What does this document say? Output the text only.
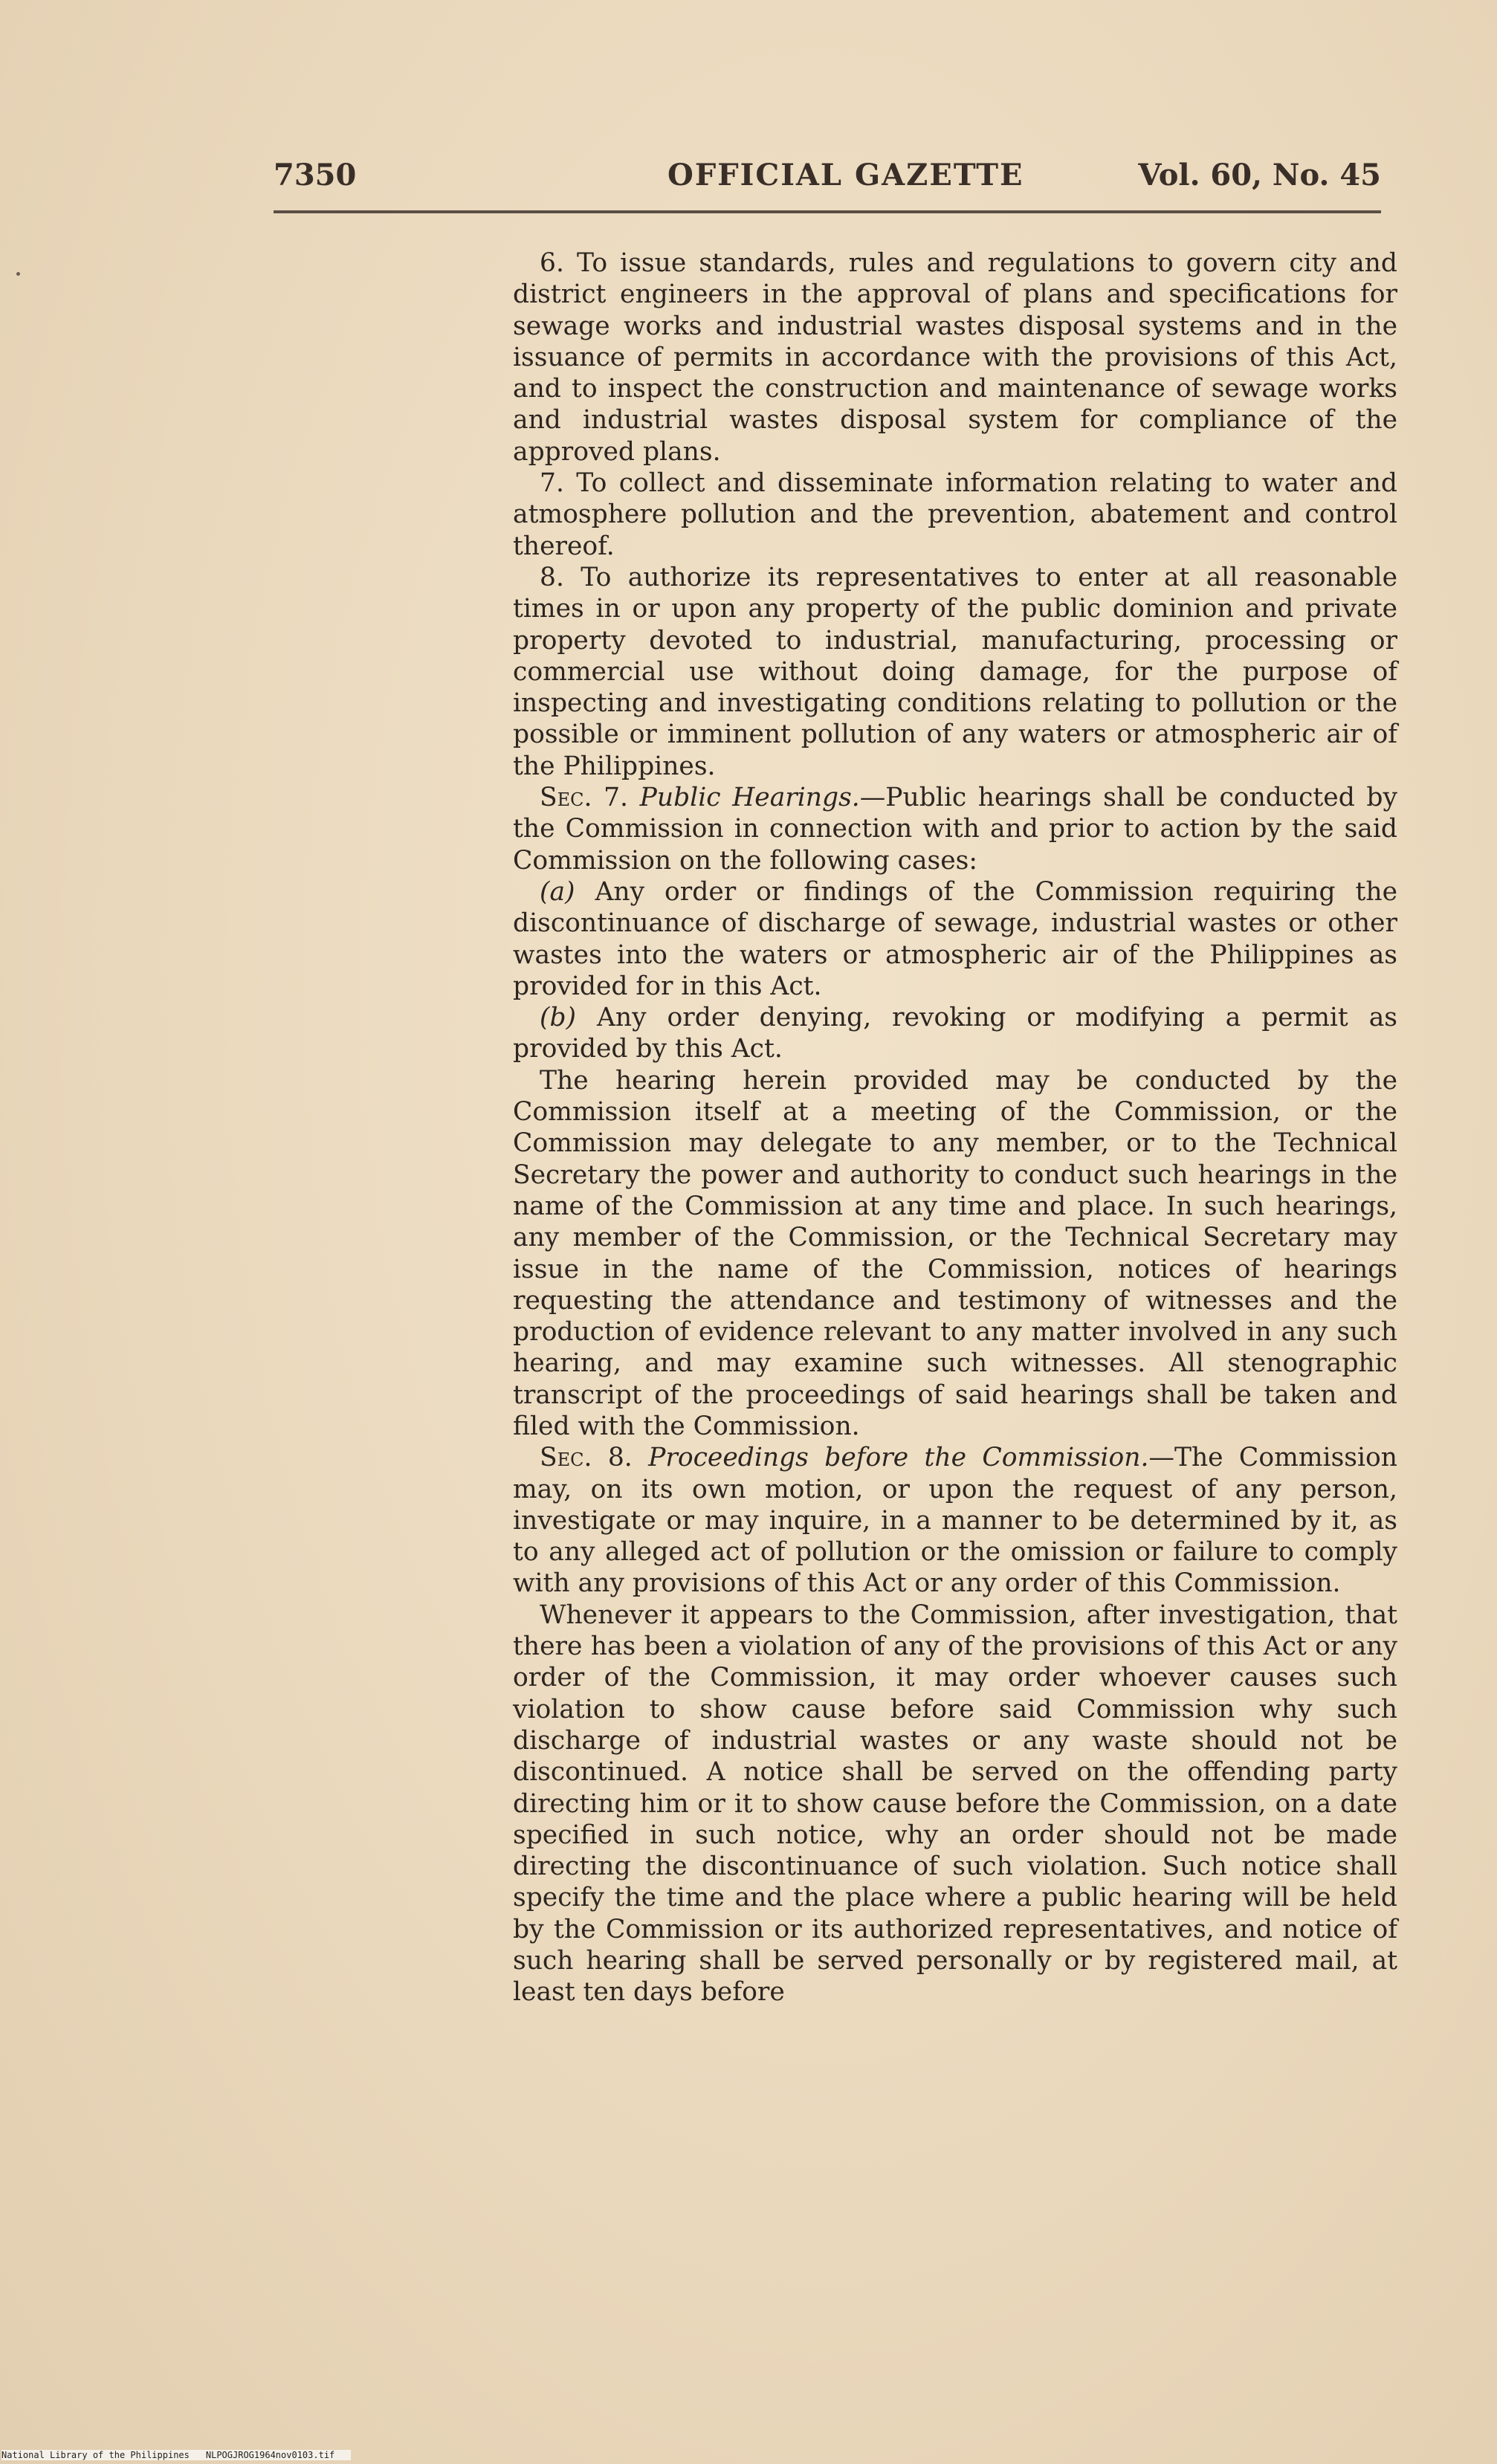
7350	OFFICIAL GAZETTE	Vol. 60, No. 45

6. To issue standards, rules and regulations to govern city and district engineers in the approval of plans and specifications for sewage works and industrial wastes disposal systems and in the issuance of permits in accordance with the provisions of this Act, and to inspect the construction and maintenance of sewage works and industrial wastes disposal system for compliance of the approved plans.

7. To collect and disseminate information relating to water and atmosphere pollution and the prevention, abatement and control thereof.

8. To authorize its representatives to enter at all reasonable times in or upon any property of the public dominion and private property devoted to industrial, manufacturing, processing or commercial use without doing damage, for the purpose of inspecting and investigating conditions relating to pollution or the possible or imminent pollution of any waters or atmospheric air of the Philippines.

Sec. 7. Public Hearings.—Public hearings shall be conducted by the Commission in connection with and prior to action by the said Commission on the following cases:

(a) Any order or findings of the Commission requiring the discontinuance of discharge of sewage, industrial wastes or other wastes into the waters or atmospheric air of the Philippines as provided for in this Act.

(b) Any order denying, revoking or modifying a permit as provided by this Act.

The hearing herein provided may be conducted by the Commission itself at a meeting of the Commission, or the Commission may delegate to any member, or to the Technical Secretary the power and authority to conduct such hearings in the name of the Commission at any time and place. In such hearings, any member of the Commission, or the Technical Secretary may issue in the name of the Commission, notices of hearings requesting the attendance and testimony of witnesses and the production of evidence relevant to any matter involved in any such hearing, and may examine such witnesses. All stenographic transcript of the proceedings of said hearings shall be taken and filed with the Commission.

Sec. 8. Proceedings before the Commission.—The Commission may, on its own motion, or upon the request of any person, investigate or may inquire, in a manner to be determined by it, as to any alleged act of pollution or the omission or failure to comply with any provisions of this Act or any order of this Commission.

Whenever it appears to the Commission, after investigation, that there has been a violation of any of the provisions of this Act or any order of the Commission, it may order whoever causes such violation to show cause before said Commission why such discharge of industrial wastes or any waste should not be discontinued. A notice shall be served on the offending party directing him or it to show cause before the Commission, on a date specified in such notice, why an order should not be made directing the discontinuance of such violation. Such notice shall specify the time and the place where a public hearing will be held by the Commission or its authorized representatives, and notice of such hearing shall be served personally or by registered mail, at least ten days before

National Library of the Philippines NLPOGJROG1964nov0103.tif
